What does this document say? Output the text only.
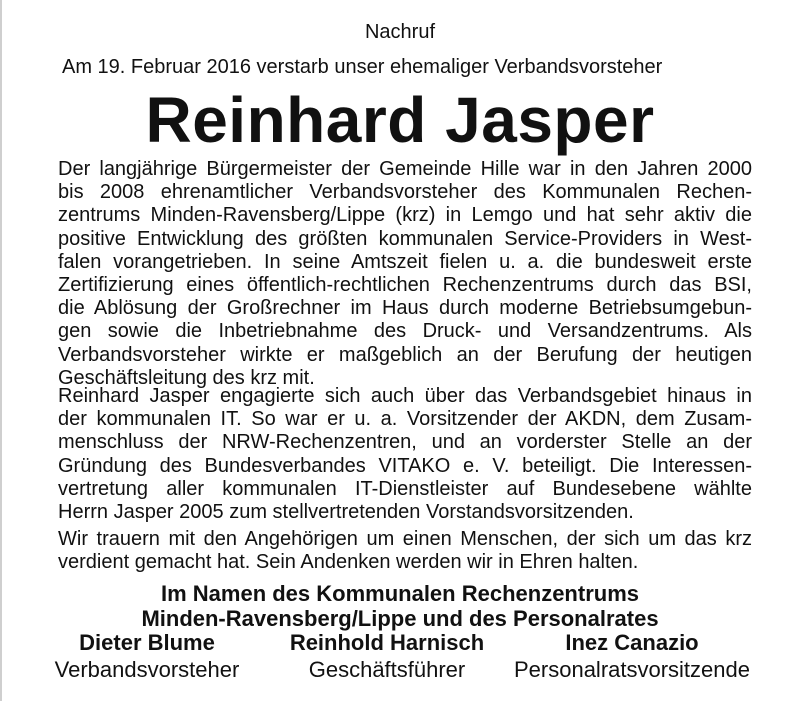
Nachruf
Am 19. Februar 2016 verstarb unser ehemaliger Verbandsvorsteher
Reinhard Jasper
Der langjährige Bürgermeister der Gemeinde Hille war in den Jahren 2000
bis 2008 ehrenamtlicher Verbandsvorsteher des Kommunalen Rechen-
zentrums Minden-Ravensberg/Lippe (krz) in Lemgo und hat sehr aktiv die
positive Entwicklung des größten kommunalen Service-Providers in West-
falen vorangetrieben. In seine Amtszeit fielen u. a. die bundesweit erste
Zertifizierung eines öffentlich-rechtlichen Rechenzentrums durch das BSI,
die Ablösung der Großrechner im Haus durch moderne Betriebsumgebun-
gen sowie die Inbetriebnahme des Druck- und Versandzentrums. Als
Verbandsvorsteher wirkte er maßgeblich an der Berufung der heutigen
Geschäftsleitung des krz mit.
Reinhard Jasper engagierte sich auch über das Verbandsgebiet hinaus in
der kommunalen IT. So war er u. a. Vorsitzender der AKDN, dem Zusam-
menschluss der NRW-Rechenzentren, und an vorderster Stelle an der
Gründung des Bundesverbandes VITAKO e. V. beteiligt. Die Interessen-
vertretung aller kommunalen IT-Dienstleister auf Bundesebene wählte
Herrn Jasper 2005 zum stellvertretenden Vorstandsvorsitzenden.
Wir trauern mit den Angehörigen um einen Menschen, der sich um das krz
verdient gemacht hat. Sein Andenken werden wir in Ehren halten.
Im Namen des Kommunalen Rechenzentrums
Minden-Ravensberg/Lippe und des Personalrates
Dieter Blume
Verbandsvorsteher
Reinhold Harnisch
Geschäftsführer
Inez Canazio
Personalratsvorsitzende
